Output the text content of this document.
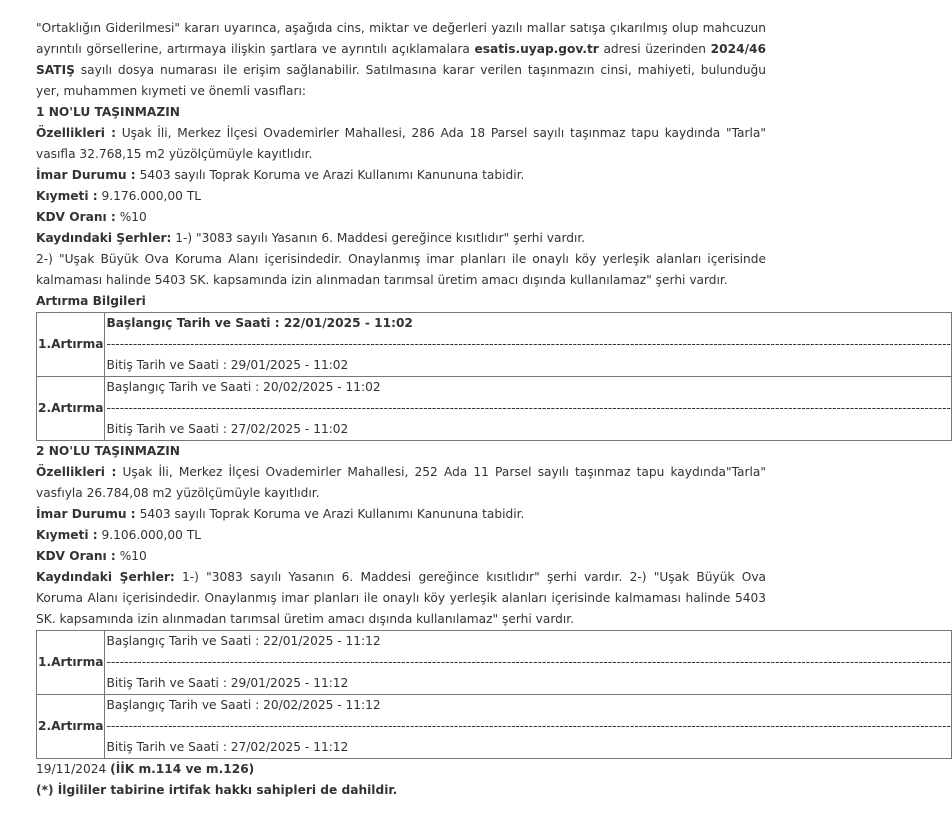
"Ortaklığın Giderilmesi" kararı uyarınca, aşağıda cins, miktar ve değerleri yazılı mallar satışa çıkarılmış olup mahcuzun ayrıntılı görsellerine, artırmaya ilişkin şartlara ve ayrıntılı açıklamalara esatis.uyap.gov.tr adresi üzerinden 2024/46 SATIŞ sayılı dosya numarası ile erişim sağlanabilir. Satılmasına karar verilen taşınmazın cinsi, mahiyeti, bulunduğu yer, muhammen kıymeti ve önemli vasıfları:

1 NO'LU TAŞINMAZIN

Özellikleri : Uşak İli, Merkez İlçesi Ovademirler Mahallesi, 286 Ada 18 Parsel sayılı taşınmaz tapu kaydında "Tarla" vasıfla 32.768,15 m2 yüzölçümüyle kayıtlıdır.

İmar Durumu : 5403 sayılı Toprak Koruma ve Arazi Kullanımı Kanununa tabidir.

Kıymeti : 9.176.000,00 TL

KDV Oranı : %10

Kaydındaki Şerhler: 1-) "3083 sayılı Yasanın 6. Maddesi gereğince kısıtlıdır" şerhi vardır.

2-) "Uşak Büyük Ova Koruma Alanı içerisindedir. Onaylanmış imar planları ile onaylı köy yerleşik alanları içerisinde kalmaması halinde 5403 SK. kapsamında izin alınmadan tarımsal üretim amacı dışında kullanılamaz" şerhi vardır.

Artırma Bilgileri

1.Artırma	Başlangıç Tarih ve Saati : 22/01/2025 - 11:02
------------------------------------------------------------------------------------------------------------------------------------------------------------------------------------------------
Bitiş Tarih ve Saati : 29/01/2025 - 11:02

2.Artırma	Başlangıç Tarih ve Saati : 20/02/2025 - 11:02
------------------------------------------------------------------------------------------------------------------------------------------------------------------------------------------------
Bitiş Tarih ve Saati : 27/02/2025 - 11:02

2 NO'LU TAŞINMAZIN

Özellikleri : Uşak İli, Merkez İlçesi Ovademirler Mahallesi, 252 Ada 11 Parsel sayılı taşınmaz tapu kaydında"Tarla" vasfıyla 26.784,08 m2 yüzölçümüyle kayıtlıdır.

İmar Durumu : 5403 sayılı Toprak Koruma ve Arazi Kullanımı Kanununa tabidir.

Kıymeti : 9.106.000,00 TL

KDV Oranı : %10

Kaydındaki Şerhler: 1-) "3083 sayılı Yasanın 6. Maddesi gereğince kısıtlıdır" şerhi vardır. 2-) "Uşak Büyük Ova Koruma Alanı içerisindedir. Onaylanmış imar planları ile onaylı köy yerleşik alanları içerisinde kalmaması halinde 5403 SK. kapsamında izin alınmadan tarımsal üretim amacı dışında kullanılamaz" şerhi vardır.

1.Artırma	Başlangıç Tarih ve Saati : 22/01/2025 - 11:12
------------------------------------------------------------------------------------------------------------------------------------------------------------------------------------------------
Bitiş Tarih ve Saati : 29/01/2025 - 11:12

2.Artırma	Başlangıç Tarih ve Saati : 20/02/2025 - 11:12
------------------------------------------------------------------------------------------------------------------------------------------------------------------------------------------------
Bitiş Tarih ve Saati : 27/02/2025 - 11:12

19/11/2024 (İİK m.114 ve m.126)

(*) İlgililer tabirine irtifak hakkı sahipleri de dahildir.
